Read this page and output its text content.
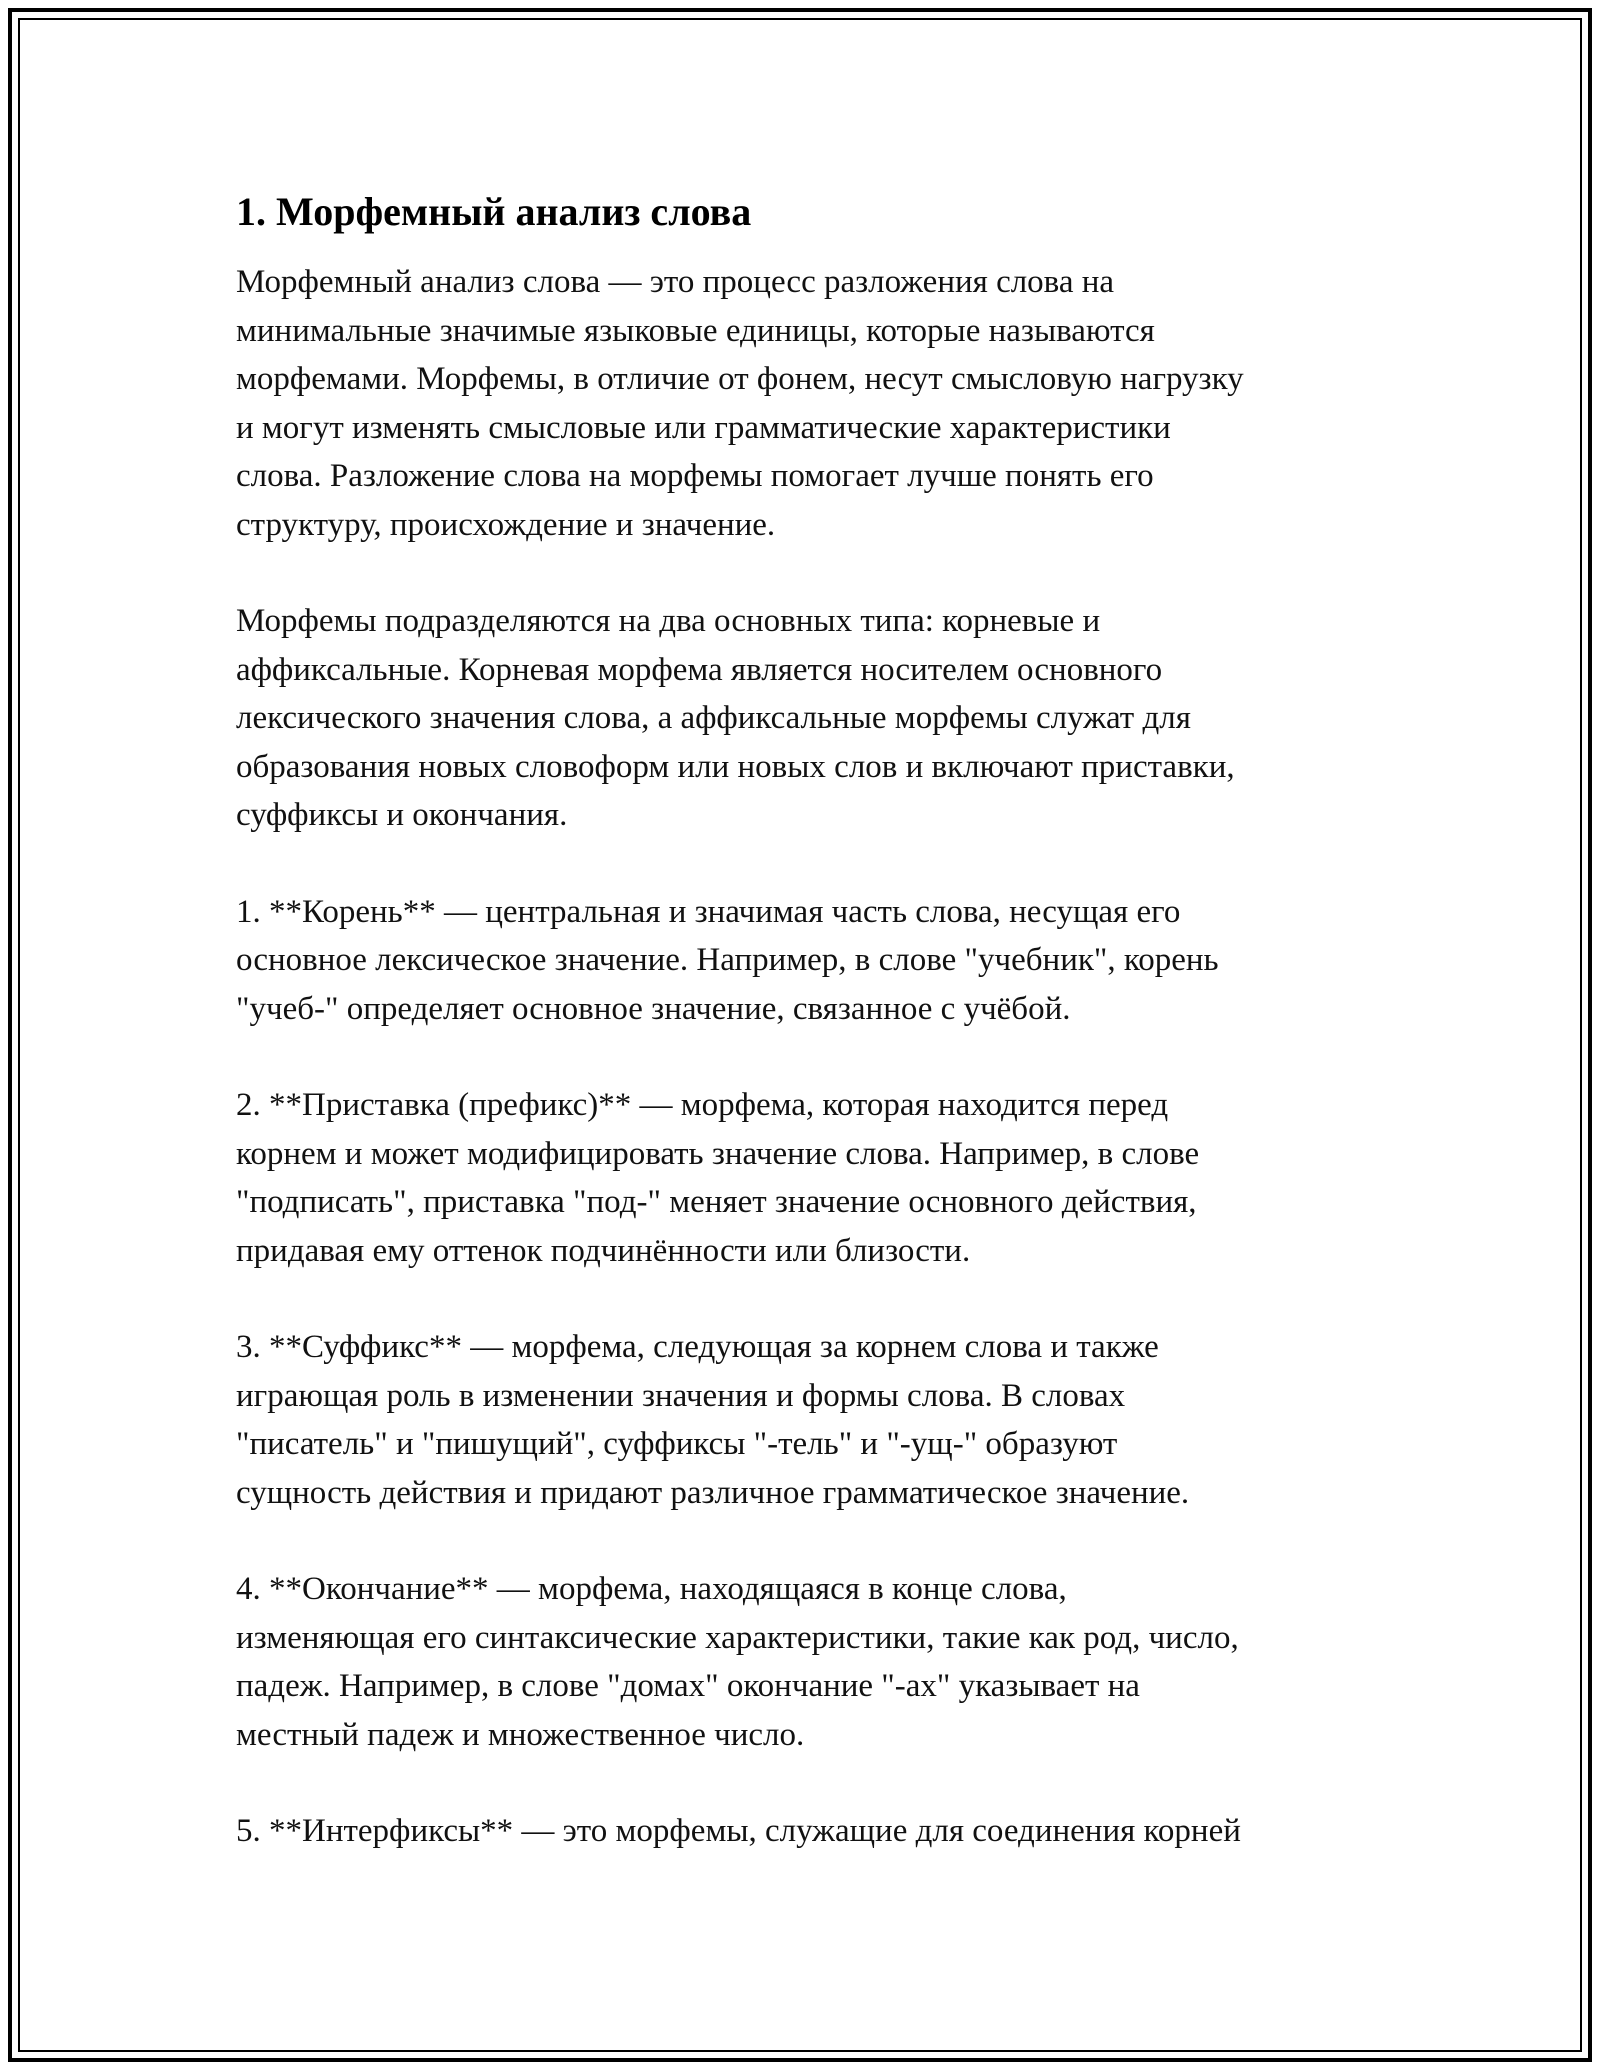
1. Морфемный анализ слова

Морфемный анализ слова — это процесс разложения слова на
минимальные значимые языковые единицы, которые называются
морфемами. Морфемы, в отличие от фонем, несут смысловую нагрузку
и могут изменять смысловые или грамматические характеристики
слова. Разложение слова на морфемы помогает лучше понять его
структуру, происхождение и значение.

Морфемы подразделяются на два основных типа: корневые и
аффиксальные. Корневая морфема является носителем основного
лексического значения слова, а аффиксальные морфемы служат для
образования новых словоформ или новых слов и включают приставки,
суффиксы и окончания.

1. **Корень** — центральная и значимая часть слова, несущая его
основное лексическое значение. Например, в слове "учебник", корень
"учеб-" определяет основное значение, связанное с учёбой.

2. **Приставка (префикс)** — морфема, которая находится перед
корнем и может модифицировать значение слова. Например, в слове
"подписать", приставка "под-" меняет значение основного действия,
придавая ему оттенок подчинённости или близости.

3. **Суффикс** — морфема, следующая за корнем слова и также
играющая роль в изменении значения и формы слова. В словах
"писатель" и "пишущий", суффиксы "-тель" и "-ущ-" образуют
сущность действия и придают различное грамматическое значение.

4. **Окончание** — морфема, находящаяся в конце слова,
изменяющая его синтаксические характеристики, такие как род, число,
падеж. Например, в слове "домах" окончание "-ах" указывает на
местный падеж и множественное число.

5. **Интерфиксы** — это морфемы, служащие для соединения корней
